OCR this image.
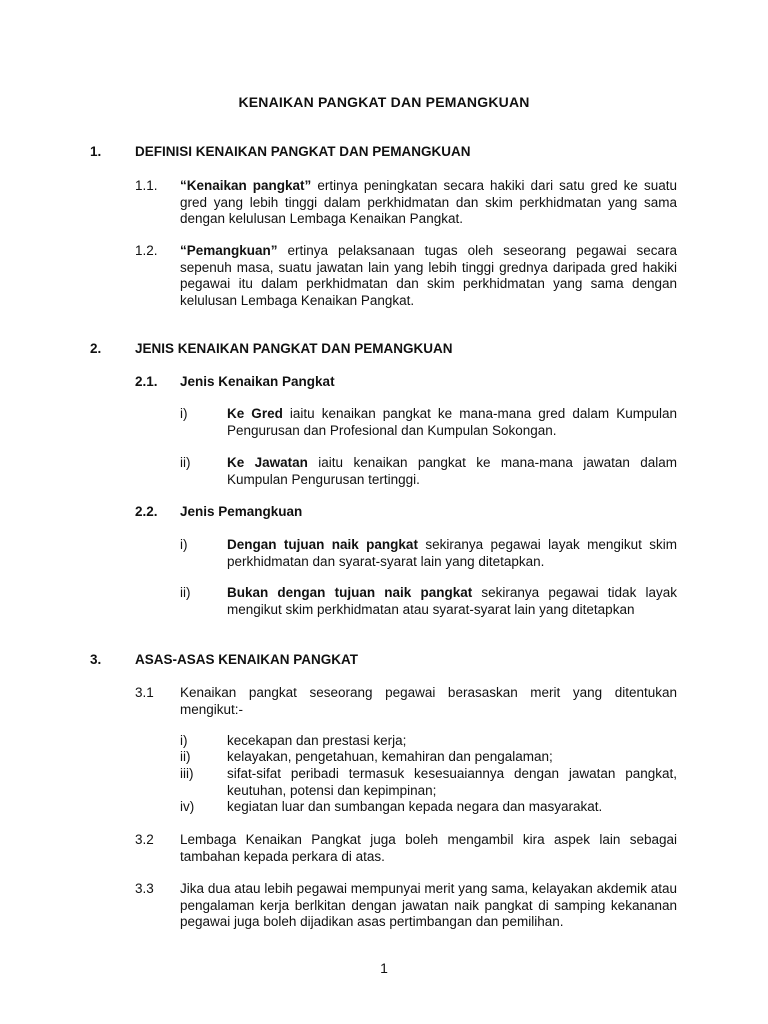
KENAIKAN PANGKAT DAN PEMANGKUAN
1. DEFINISI KENAIKAN PANGKAT DAN PEMANGKUAN
1.1. “Kenaikan pangkat” ertinya peningkatan secara hakiki dari satu gred ke suatu gred yang lebih tinggi dalam perkhidmatan dan skim perkhidmatan yang sama dengan kelulusan Lembaga Kenaikan Pangkat.
1.2. “Pemangkuan” ertinya pelaksanaan tugas oleh seseorang pegawai secara sepenuh masa, suatu jawatan lain yang lebih tinggi grednya daripada gred hakiki pegawai itu dalam perkhidmatan dan skim perkhidmatan yang sama dengan kelulusan Lembaga Kenaikan Pangkat.
2. JENIS KENAIKAN PANGKAT DAN PEMANGKUAN
2.1. Jenis Kenaikan Pangkat
i)	Ke Gred iaitu kenaikan pangkat ke mana-mana gred dalam Kumpulan Pengurusan dan Profesional dan Kumpulan Sokongan.
ii)	Ke Jawatan iaitu kenaikan pangkat ke mana-mana jawatan dalam Kumpulan Pengurusan tertinggi.
2.2. Jenis Pemangkuan
i)	Dengan tujuan naik pangkat sekiranya pegawai layak mengikut skim perkhidmatan dan syarat-syarat lain yang ditetapkan.
ii)	Bukan dengan tujuan naik pangkat sekiranya pegawai tidak layak mengikut skim perkhidmatan atau syarat-syarat lain yang ditetapkan
3. ASAS-ASAS KENAIKAN PANGKAT
3.1 Kenaikan pangkat seseorang pegawai berasaskan merit yang ditentukan mengikut:-
i)	kecekapan dan prestasi kerja;
ii)	kelayakan, pengetahuan, kemahiran dan pengalaman;
iii) sifat-sifat peribadi termasuk kesesuaiannya dengan jawatan pangkat, keutuhan, potensi dan kepimpinan;
iv) kegiatan luar dan sumbangan kepada negara dan masyarakat.
3.2 Lembaga Kenaikan Pangkat juga boleh mengambil kira aspek lain sebagai tambahan kepada perkara di atas.
3.3 Jika dua atau lebih pegawai mempunyai merit yang sama, kelayakan akdemik atau pengalaman kerja berlkitan dengan jawatan naik pangkat di samping kekananan pegawai juga boleh dijadikan asas pertimbangan dan pemilihan.
1
